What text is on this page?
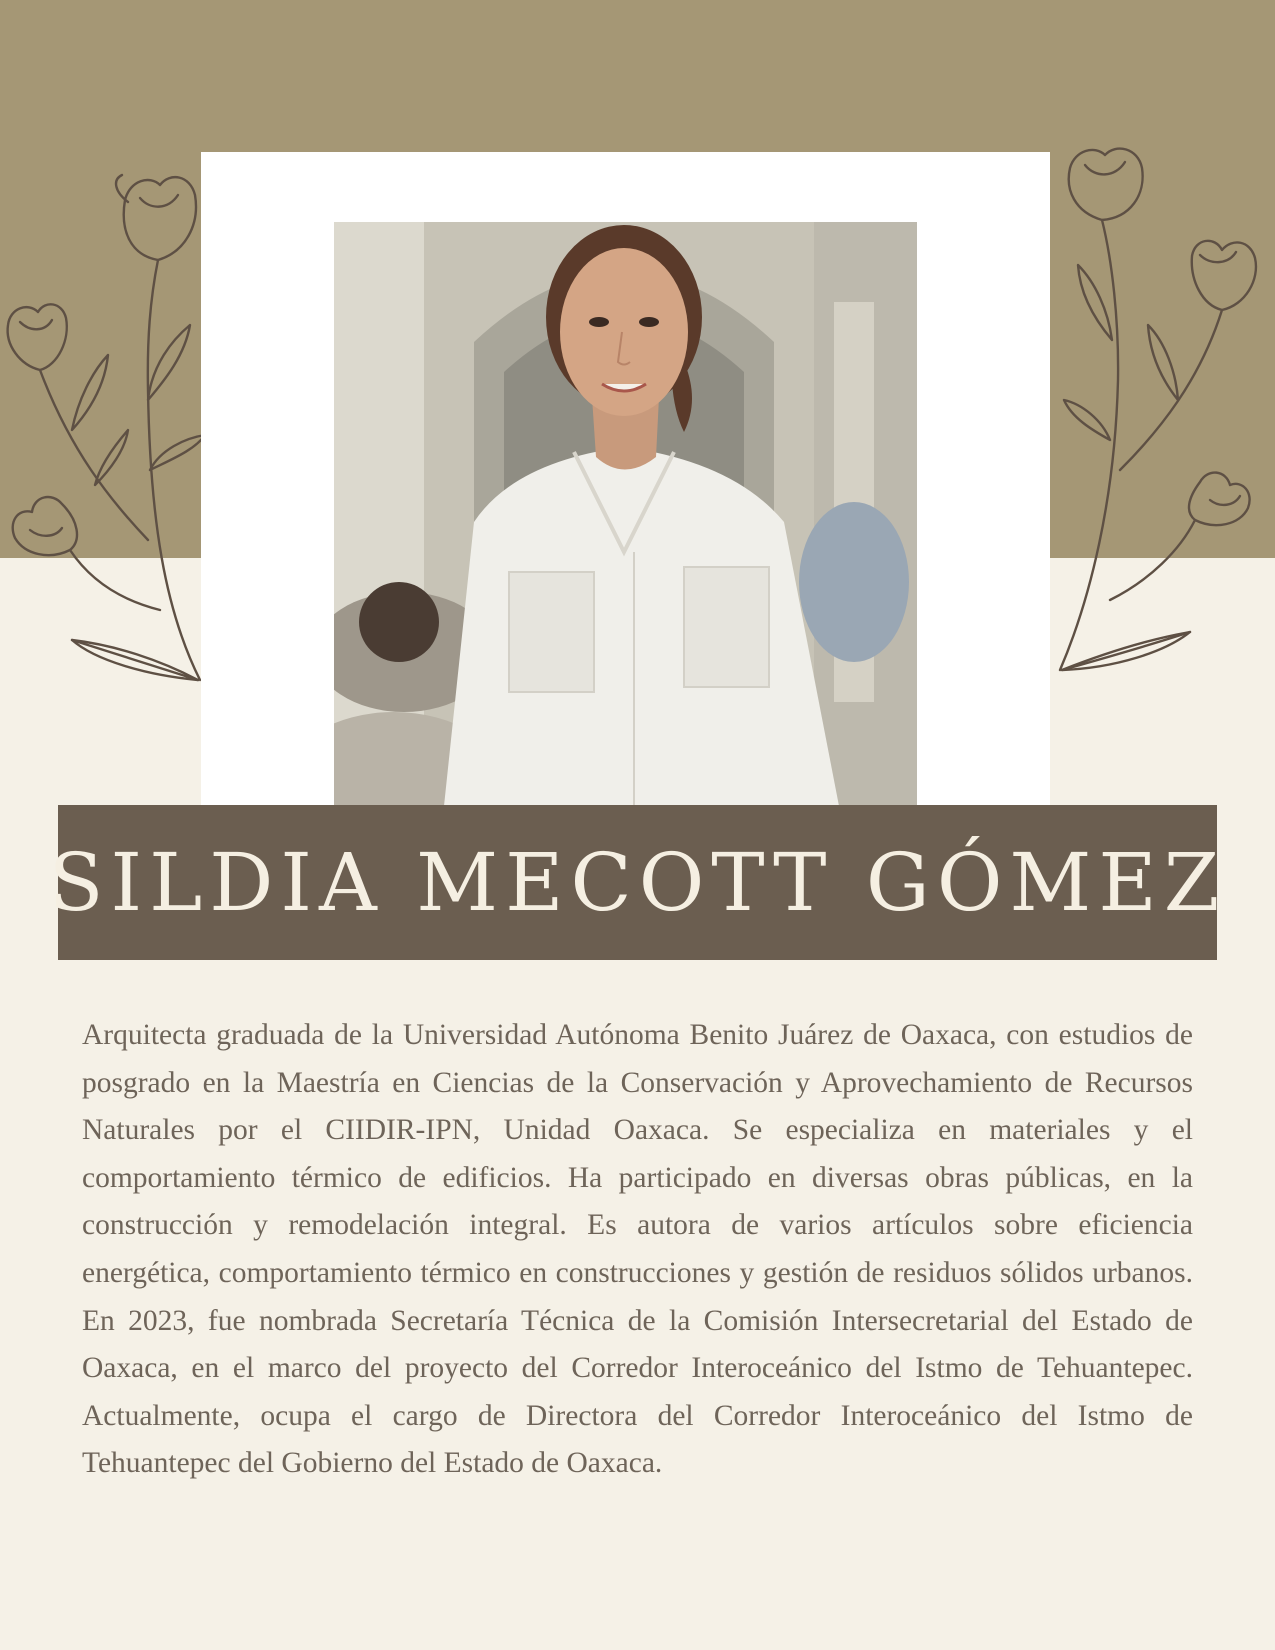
SILDIA MECOTT GÓMEZ

Arquitecta graduada de la Universidad Autónoma Benito Juárez de Oaxaca, con estudios de posgrado en la Maestría en Ciencias de la Conservación y Aprovechamiento de Recursos Naturales por el CIIDIR-IPN, Unidad Oaxaca. Se especializa en materiales y el comportamiento térmico de edificios. Ha participado en diversas obras públicas, en la construcción y remodelación integral. Es autora de varios artículos sobre eficiencia energética, comportamiento térmico en construcciones y gestión de residuos sólidos urbanos. En 2023, fue nombrada Secretaría Técnica de la Comisión Intersecretarial del Estado de Oaxaca, en el marco del proyecto del Corredor Interoceánico del Istmo de Tehuantepec. Actualmente, ocupa el cargo de Directora del Corredor Interoceánico del Istmo de Tehuantepec del Gobierno del Estado de Oaxaca.
